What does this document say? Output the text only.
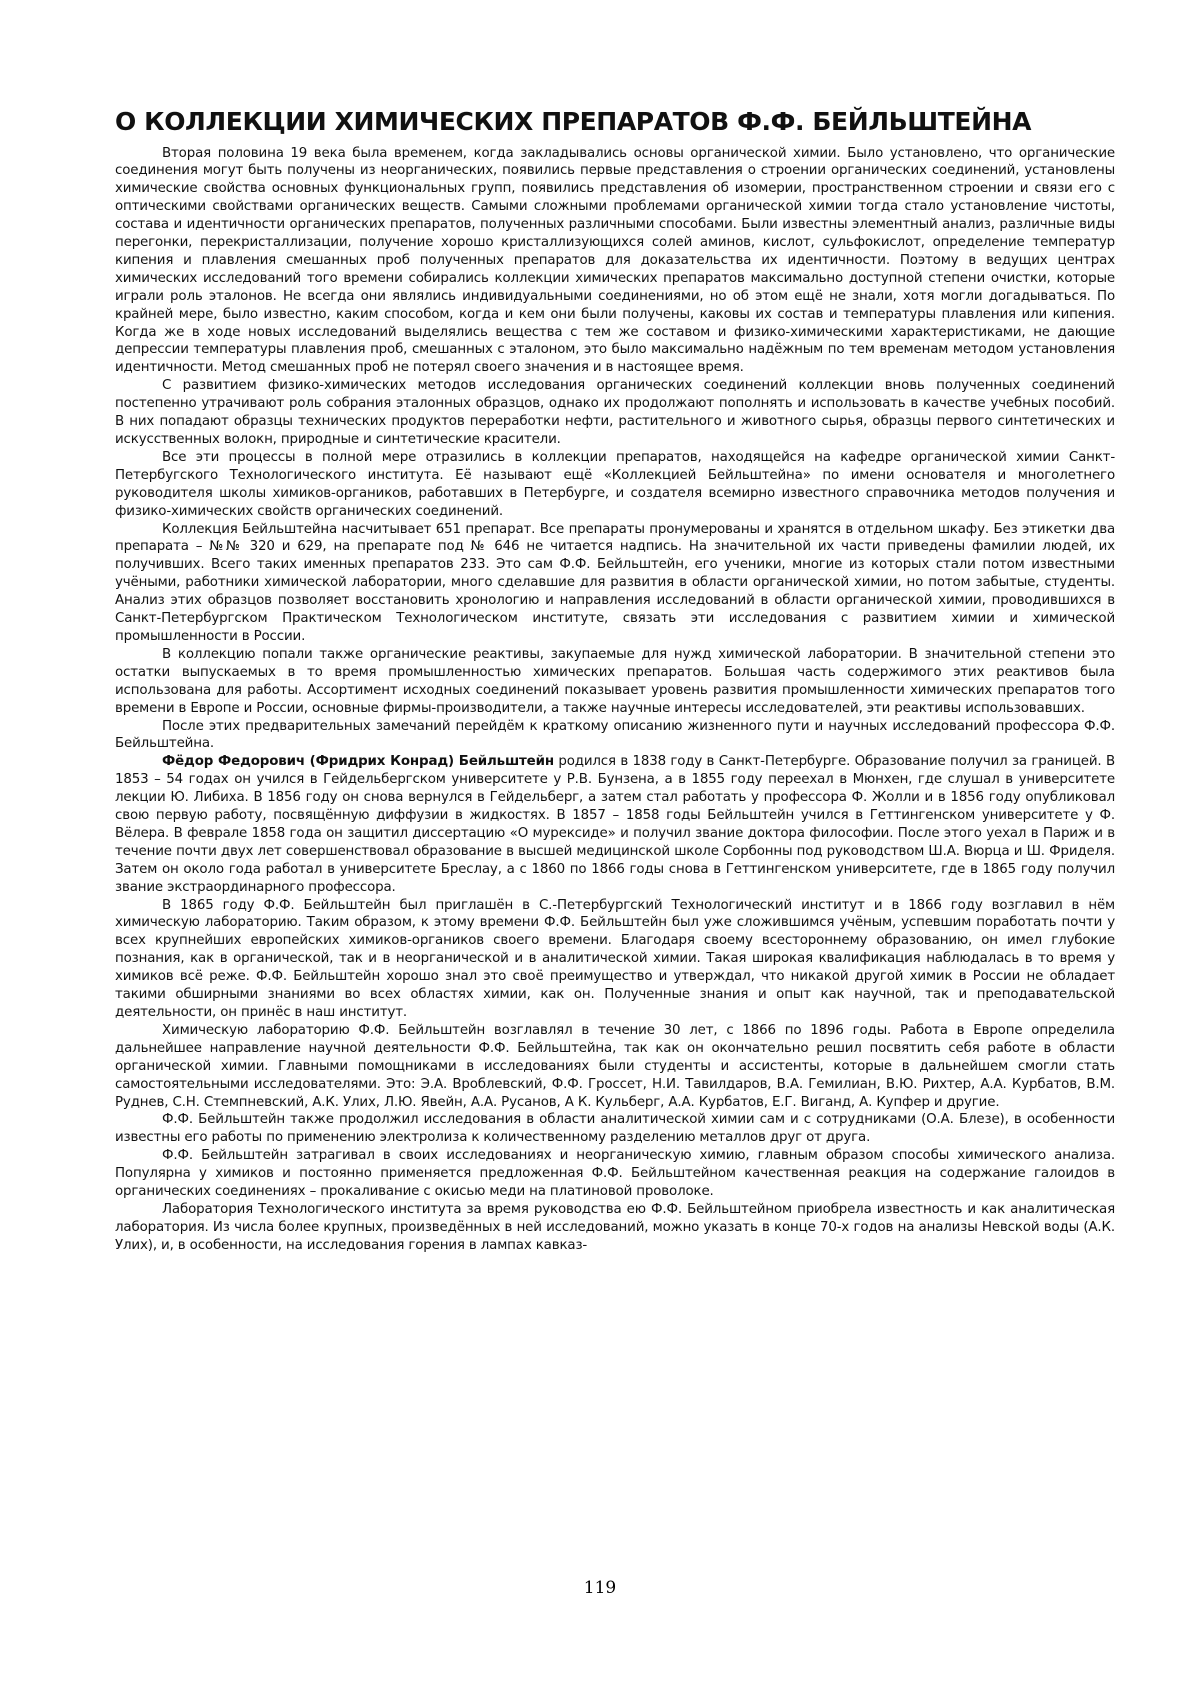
О КОЛЛЕКЦИИ ХИМИЧЕСКИХ ПРЕПАРАТОВ Ф.Ф. БЕЙЛЬШТЕЙНА

Вторая половина 19 века была временем, когда закладывались основы органической химии. Было установлено, что органические соединения могут быть получены из неорганических, появились первые представления о строении органических соединений, установлены химические свойства основных функциональных групп, появились представления об изомерии, пространственном строении и связи его с оптическими свойствами органических веществ. Самыми сложными проблемами органической химии тогда стало установление чистоты, состава и идентичности органических препаратов, полученных различными способами. Были известны элементный анализ, различные виды перегонки, перекристаллизации, получение хорошо кристаллизующихся солей аминов, кислот, сульфокислот, определение температур кипения и плавления смешанных проб полученных препаратов для доказательства их идентичности. Поэтому в ведущих центрах химических исследований того времени собирались коллекции химических препаратов максимально доступной степени очистки, которые играли роль эталонов. Не всегда они являлись индивидуальными соединениями, но об этом ещё не знали, хотя могли догадываться. По крайней мере, было известно, каким способом, когда и кем они были получены, каковы их состав и температуры плавления или кипения. Когда же в ходе новых исследований выделялись вещества с тем же составом и физико-химическими характеристиками, не дающие депрессии температуры плавления проб, смешанных с эталоном, это было максимально надёжным по тем временам методом установления идентичности. Метод смешанных проб не потерял своего значения и в настоящее время.

С развитием физико-химических методов исследования органических соединений коллекции вновь полученных соединений постепенно утрачивают роль собрания эталонных образцов, однако их продолжают пополнять и использовать в качестве учебных пособий. В них попадают образцы технических продуктов переработки нефти, растительного и животного сырья, образцы первого синтетических и искусственных волокн, природные и синтетические красители.

Все эти процессы в полной мере отразились в коллекции препаратов, находящейся на кафедре органической химии Санкт-Петербугского Технологического института. Её называют ещё «Коллекцией Бейльштейна» по имени основателя и многолетнего руководителя школы химиков-органиков, работавших в Петербурге, и создателя всемирно известного справочника методов получения и физико-химических свойств органических соединений.

Коллекция Бейльштейна насчитывает 651 препарат. Все препараты пронумерованы и хранятся в отдельном шкафу. Без этикетки два препарата – №№ 320 и 629, на препарате под № 646 не читается надпись. На значительной их части приведены фамилии людей, их получивших. Всего таких именных препаратов 233. Это сам Ф.Ф. Бейльштейн, его ученики, многие из которых стали потом известными учёными, работники химической лаборатории, много сделавшие для развития в области органической химии, но потом забытые, студенты. Анализ этих образцов позволяет восстановить хронологию и направления исследований в области органической химии, проводившихся в Санкт-Петербургском Практическом Технологическом институте, связать эти исследования с развитием химии и химической промышленности в России.

В коллекцию попали также органические реактивы, закупаемые для нужд химической лаборатории. В значительной степени это остатки выпускаемых в то время промышленностью химических препаратов. Большая часть содержимого этих реактивов была использована для работы. Ассортимент исходных соединений показывает уровень развития промышленности химических препаратов того времени в Европе и России, основные фирмы-производители, а также научные интересы исследователей, эти реактивы использовавших.

После этих предварительных замечаний перейдём к краткому описанию жизненного пути и научных исследований профессора Ф.Ф. Бейльштейна.

Фёдор Федорович (Фридрих Конрад) Бейльштейн родился в 1838 году в Санкт-Петербурге. Образование получил за границей. В 1853 – 54 годах он учился в Гейдельбергском университете у Р.В. Бунзена, а в 1855 году переехал в Мюнхен, где слушал в университете лекции Ю. Либиха. В 1856 году он снова вернулся в Гейдельберг, а затем стал работать у профессора Ф. Жолли и в 1856 году опубликовал свою первую работу, посвящённую диффузии в жидкостях. В 1857 – 1858 годы Бейльштейн учился в Геттингенском университете у Ф. Вёлера. В феврале 1858 года он защитил диссертацию «О мурексиде» и получил звание доктора философии. После этого уехал в Париж и в течение почти двух лет совершенствовал образование в высшей медицинской школе Сорбонны под руководством Ш.А. Вюрца и Ш. Фриделя. Затем он около года работал в университете Бреслау, а с 1860 по 1866 годы снова в Геттингенском университете, где в 1865 году получил звание экстраординарного профессора.

В 1865 году Ф.Ф. Бейльштейн был приглашён в С.-Петербургский Технологический институт и в 1866 году возглавил в нём химическую лабораторию. Таким образом, к этому времени Ф.Ф. Бейльштейн был уже сложившимся учёным, успевшим поработать почти у всех крупнейших европейских химиков-органиков своего времени. Благодаря своему всестороннему образованию, он имел глубокие познания, как в органической, так и в неорганической и в аналитической химии. Такая широкая квалификация наблюдалась в то время у химиков всё реже. Ф.Ф. Бейльштейн хорошо знал это своё преимущество и утверждал, что никакой другой химик в России не обладает такими обширными знаниями во всех областях химии, как он. Полученные знания и опыт как научной, так и преподавательской деятельности, он принёс в наш институт.

Химическую лабораторию Ф.Ф. Бейльштейн возглавлял в течение 30 лет, с 1866 по 1896 годы. Работа в Европе определила дальнейшее направление научной деятельности Ф.Ф. Бейльштейна, так как он окончательно решил посвятить себя работе в области органической химии. Главными помощниками в исследованиях были студенты и ассистенты, которые в дальнейшем смогли стать самостоятельными исследователями. Это: Э.А. Вроблевский, Ф.Ф. Гроссет, Н.И. Тавилдаров, В.А. Гемилиан, В.Ю. Рихтер, А.А. Курбатов, В.М. Руднев, С.Н. Стемпневский, А.К. Улих, Л.Ю. Явейн, А.А. Русанов, А К. Кульберг, А.А. Курбатов, Е.Г. Виганд, А. Купфер и другие.

Ф.Ф. Бейльштейн также продолжил исследования в области аналитической химии сам и с сотрудниками (О.А. Блезе), в особенности известны его работы по применению электролиза к количественному разделению металлов друг от друга.

Ф.Ф. Бейльштейн затрагивал в своих исследованиях и неорганическую химию, главным образом способы химического анализа. Популярна у химиков и постоянно применяется предложенная Ф.Ф. Бейльштейном качественная реакция на содержание галоидов в органических соединениях – прокаливание с окисью меди на платиновой проволоке.

Лаборатория Технологического института за время руководства ею Ф.Ф. Бейльштейном приобрела известность и как аналитическая лаборатория. Из числа более крупных, произведённых в ней исследований, можно указать в конце 70-х годов на анализы Невской воды (А.К. Улих), и, в особенности, на исследования горения в лампах кавказ-

119
